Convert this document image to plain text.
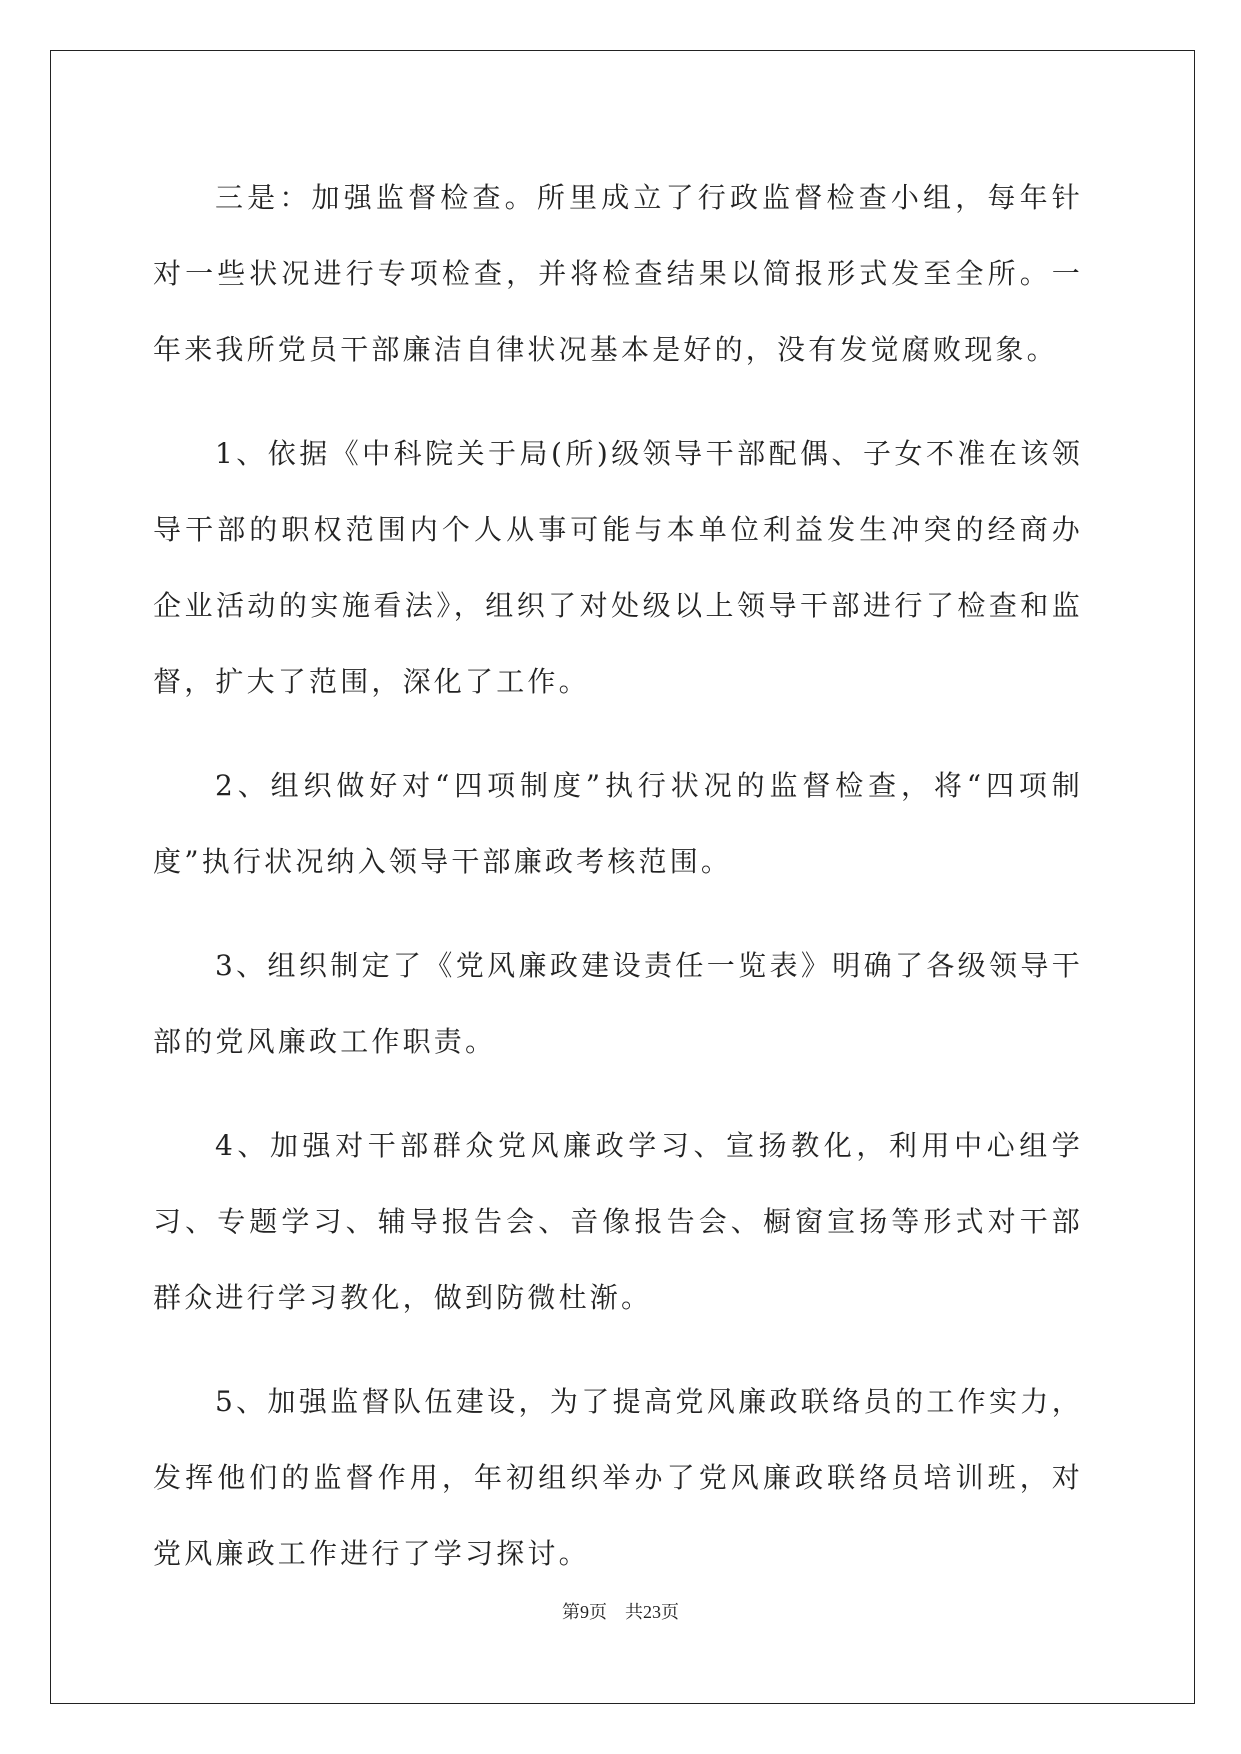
三是：加强监督检查。所里成立了行政监督检查小组，每年针对一些状况进行专项检查，并将检查结果以简报形式发至全所。一年来我所党员干部廉洁自律状况基本是好的，没有发觉腐败现象。

1、依据《中科院关于局(所)级领导干部配偶、子女不准在该领导干部的职权范围内个人从事可能与本单位利益发生冲突的经商办企业活动的实施看法》，组织了对处级以上领导干部进行了检查和监督，扩大了范围，深化了工作。

2、组织做好对“四项制度”执行状况的监督检查，将“四项制度”执行状况纳入领导干部廉政考核范围。

3、组织制定了《党风廉政建设责任一览表》明确了各级领导干部的党风廉政工作职责。

4、加强对干部群众党风廉政学习、宣扬教化，利用中心组学习、专题学习、辅导报告会、音像报告会、橱窗宣扬等形式对干部群众进行学习教化，做到防微杜渐。

5、加强监督队伍建设，为了提高党风廉政联络员的工作实力，发挥他们的监督作用，年初组织举办了党风廉政联络员培训班，对党风廉政工作进行了学习探讨。

第9页 共23页
